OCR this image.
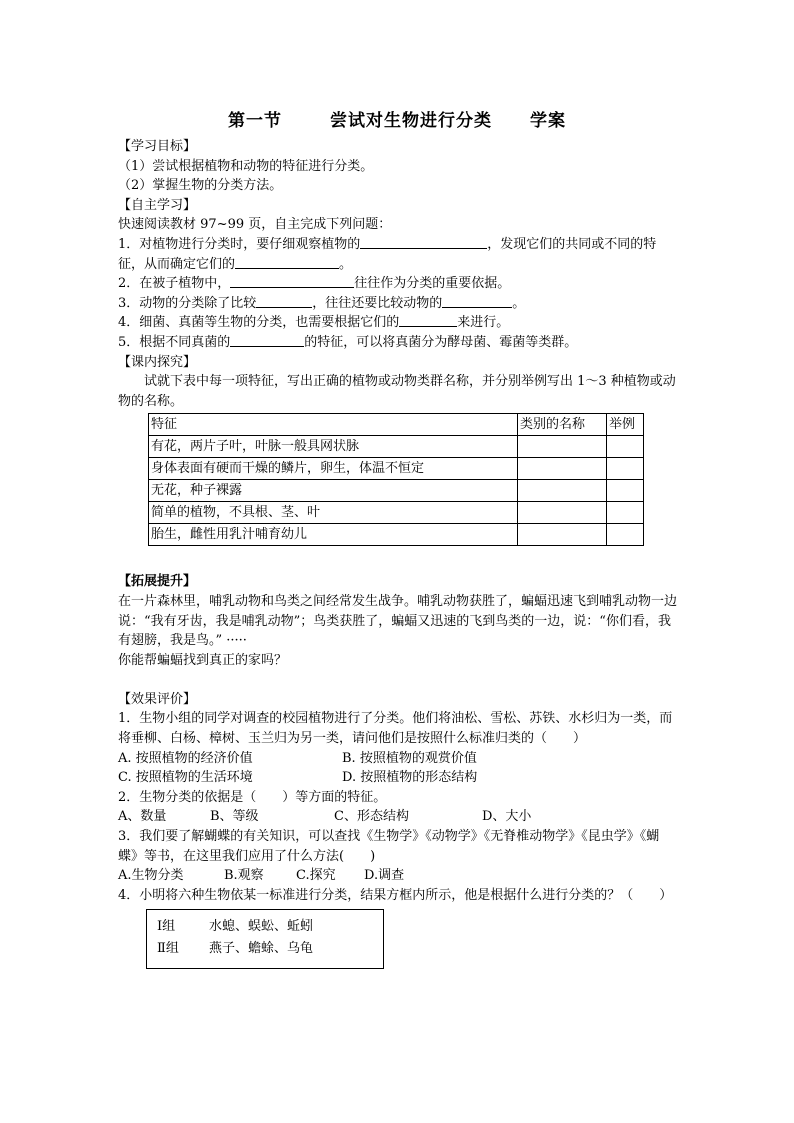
第一节	尝试对生物进行分类 学案
【学习目标】
（1）尝试根据植物和动物的特征进行分类。
（2）掌握生物的分类方法。
【自主学习】
快速阅读教材 97~99 页，自主完成下列问题：
1．对植物进行分类时，要仔细观察植物的	，发现它们的共同或不同的特
征，从而确定它们的	。
2．在被子植物中，	往往作为分类的重要依据。
3．动物的分类除了比较	，往往还要比较动物的	。
4．细菌、真菌等生物的分类，也需要根据它们的	来进行。
5．根据不同真菌的	的特征，可以将真菌分为酵母菌、霉菌等类群。
【课内探究】
试就下表中每一项特征，写出正确的植物或动物类群名称，并分别举例写出 1～3 种植物或动物的名称。
特征	类别的名称	举例
有花，两片子叶，叶脉一般具网状脉		
身体表面有硬而干燥的鳞片，卵生，体温不恒定		
无花，种子裸露		
简单的植物，不具根、茎、叶		
胎生，雌性用乳汁哺育幼儿		
【拓展提升】
在一片森林里，哺乳动物和鸟类之间经常发生战争。哺乳动物获胜了，蝙蝠迅速飞到哺乳动物一边说：“我有牙齿，我是哺乳动物”；鸟类获胜了，蝙蝠又迅速的飞到鸟类的一边，说：“你们看，我有翅膀，我是鸟。” ·····
你能帮蝙蝠找到真正的家吗？
【效果评价】
1．生物小组的同学对调查的校园植物进行了分类。他们将油松、雪松、苏铁、水杉归为一类，而将垂柳、白杨、樟树、玉兰归为另一类，请问他们是按照什么标准归类的（　　）
A. 按照植物的经济价值	B. 按照植物的观赏价值
C. 按照植物的生活环境	D. 按照植物的形态结构
2．生物分类的依据是（　　）等方面的特征。
A、数量	B、等级	C、形态结构	D、大小
3．我们要了解蝴蝶的有关知识，可以查找《生物学》《动物学》《无脊椎动物学》《昆虫学》《蝴蝶》等书，在这里我们应用了什么方法(　　)
A.生物分类	B.观察 C.探究 D.调查
4．小明将六种生物依某一标准进行分类，结果方框内所示，他是根据什么进行分类的？（　　）
Ⅰ组	水螅、蜈蚣、蚯蚓
Ⅱ组 燕子、蟾蜍、乌龟
